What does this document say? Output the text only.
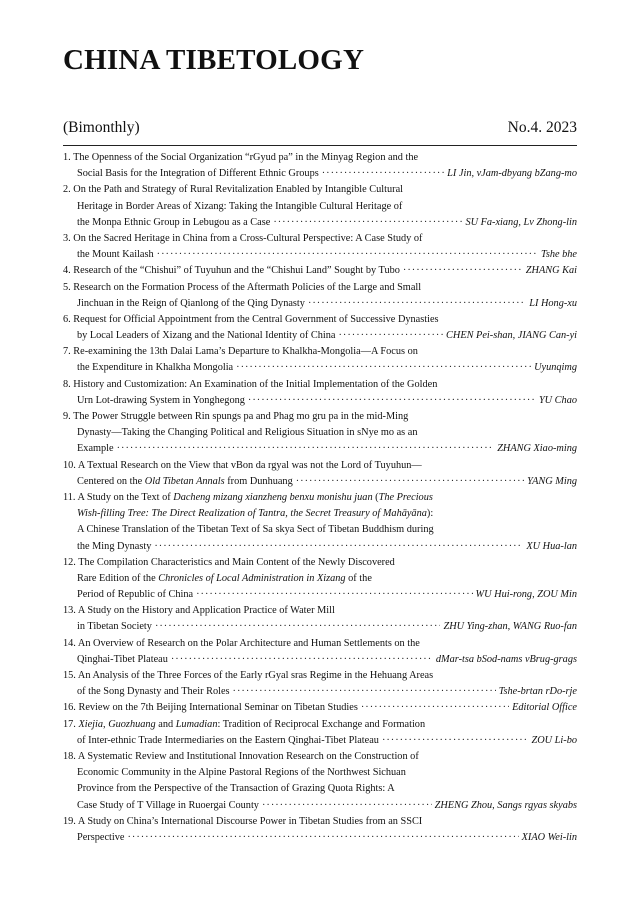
CHINA TIBETOLOGY
(Bimonthly)	No.4. 2023
1. The Openness of the Social Organization “rGyud pa” in the Minyag Region and the
Social Basis for the Integration of Different Ethnic Groups ·····	LI Jin, vJam-dbyang bZang-mo
2. On the Path and Strategy of Rural Revitalization Enabled by Intangible Cultural
Heritage in Border Areas of Xizang: Taking the Intangible Cultural Heritage of
the Monpa Ethnic Group in Lebugou as a Case ·····	SU Fa-xiang, Lv Zhong-lin
3. On the Sacred Heritage in China from a Cross-Cultural Perspective: A Case Study of
the Mount Kailash ·····	Tshe bhe
4. Research of the “Chishui” of Tuyuhun and the “Chishui Land” Sought by Tubo ·····	ZHANG Kai
5. Research on the Formation Process of the Aftermath Policies of the Large and Small
Jinchuan in the Reign of Qianlong of the Qing Dynasty ·····	LI Hong-xu
6. Request for Official Appointment from the Central Government of Successive Dynasties
by Local Leaders of Xizang and the National Identity of China ·····	CHEN Pei-shan, JIANG Can-yi
7. Re-examining the 13th Dalai Lama’s Departure to Khalkha-Mongolia—A Focus on
the Expenditure in Khalkha Mongolia ·····	Uyunqimg
8. History and Customization: An Examination of the Initial Implementation of the Golden
Urn Lot-drawing System in Yonghegong ·····	YU Chao
9. The Power Struggle between Rin spungs pa and Phag mo gru pa in the mid-Ming
Dynasty—Taking the Changing Political and Religious Situation in sNye mo as an
Example ·····	ZHANG Xiao-ming
10. A Textual Research on the View that vBon da rgyal was not the Lord of Tuyuhun—
Centered on the Old Tibetan Annals from Dunhuang ·····	YANG Ming
11. A Study on the Text of Dacheng mizang xianzheng benxu monishu juan (The Precious
Wish-filling Tree: The Direct Realization of Tantra, the Secret Treasury of Mahāyāna):
A Chinese Translation of the Tibetan Text of Sa skya Sect of Tibetan Buddhism during
the Ming Dynasty ·····	XU Hua-lan
12. The Compilation Characteristics and Main Content of the Newly Discovered
Rare Edition of the Chronicles of Local Administration in Xizang of the
Period of Republic of China ·····	WU Hui-rong, ZOU Min
13. A Study on the History and Application Practice of Water Mill
in Tibetan Society ·····	ZHU Ying-zhan, WANG Ruo-fan
14. An Overview of Research on the Polar Architecture and Human Settlements on the
Qinghai-Tibet Plateau ·····	dMar-tsa bSod-nams vBrug-grags
15. An Analysis of the Three Forces of the Early rGyal sras Regime in the Hehuang Areas
of the Song Dynasty and Their Roles ·····	Tshe-brtan rDo-rje
16. Review on the 7th Beijing International Seminar on Tibetan Studies ·····	Editorial Office
17. Xiejia, Guozhuang and Lumadian: Tradition of Reciprocal Exchange and Formation
of Inter-ethnic Trade Intermediaries on the Eastern Qinghai-Tibet Plateau ·····	ZOU Li-bo
18. A Systematic Review and Institutional Innovation Research on the Construction of
Economic Community in the Alpine Pastoral Regions of the Northwest Sichuan
Province from the Perspective of the Transaction of Grazing Quota Rights: A
Case Study of T Village in Ruoergai County ·····	ZHENG Zhou, Sangs rgyas skyabs
19. A Study on China’s International Discourse Power in Tibetan Studies from an SSCI
Perspective ·····	XIAO Wei-lin
